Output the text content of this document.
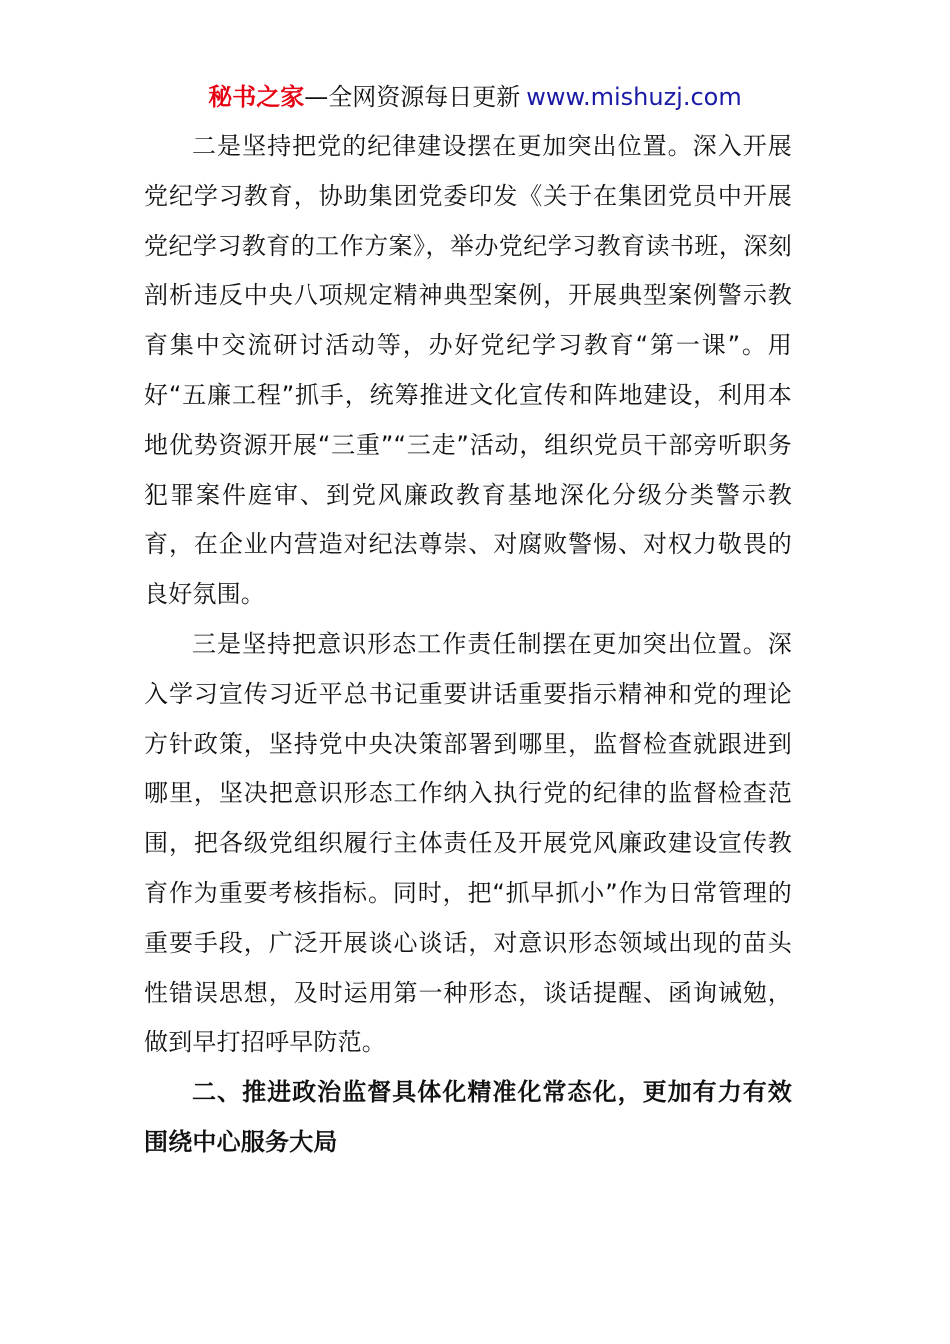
秘书之家—全网资源每日更新 www.mishuzj.com

二是坚持把党的纪律建设摆在更加突出位置。深入开展党纪学习教育，协助集团党委印发《关于在集团党员中开展党纪学习教育的工作方案》，举办党纪学习教育读书班，深刻剖析违反中央八项规定精神典型案例，开展典型案例警示教育集中交流研讨活动等，办好党纪学习教育“第一课”。用好“五廉工程”抓手，统筹推进文化宣传和阵地建设，利用本地优势资源开展“三重”“三走”活动，组织党员干部旁听职务犯罪案件庭审、到党风廉政教育基地深化分级分类警示教育，在企业内营造对纪法尊崇、对腐败警惕、对权力敬畏的良好氛围。

三是坚持把意识形态工作责任制摆在更加突出位置。深入学习宣传习近平总书记重要讲话重要指示精神和党的理论方针政策，坚持党中央决策部署到哪里，监督检查就跟进到哪里，坚决把意识形态工作纳入执行党的纪律的监督检查范围，把各级党组织履行主体责任及开展党风廉政建设宣传教育作为重要考核指标。同时，把“抓早抓小”作为日常管理的重要手段，广泛开展谈心谈话，对意识形态领域出现的苗头性错误思想，及时运用第一种形态，谈话提醒、函询诫勉，做到早打招呼早防范。

二、推进政治监督具体化精准化常态化，更加有力有效围绕中心服务大局
